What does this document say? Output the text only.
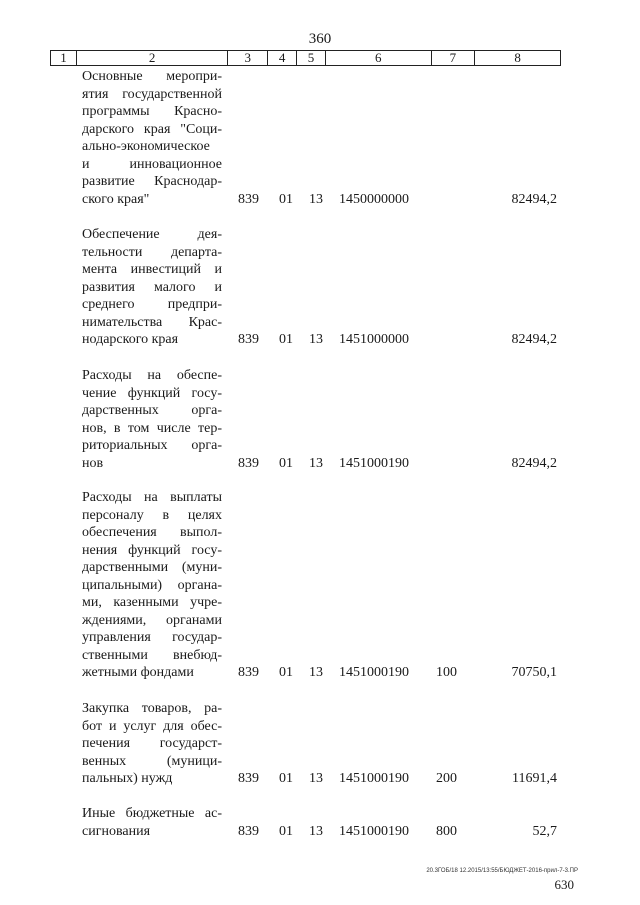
360
1	2	3	4	5	6	7	8
Основные меропри-
ятия государственной
программы Красно-
дарского края "Соци-
ально-экономическое
и инновационное
развитие Краснодар-
ского края"	839 01 13 1450000000	82494,2
Обеспечение дея-
тельности департа-
мента инвестиций и
развития малого и
среднего предпри-
нимательства Крас-
нодарского края	839 01 13 1451000000	82494,2
Расходы на обеспе-
чение функций госу-
дарственных орга-
нов, в том числе тер-
риториальных орга-
нов	839 01 13 1451000190	82494,2
Расходы на выплаты
персоналу в целях
обеспечения выпол-
нения функций госу-
дарственными (муни-
ципальными) органа-
ми, казенными учре-
ждениями, органами
управления государ-
ственными внебюд-
жетными фондами	839 01 13 1451000190 100	70750,1
Закупка товаров, ра-
бот и услуг для обес-
печения государст-
венных (муници-
пальных) нужд	839 01 13 1451000190 200	11691,4
Иные бюджетные ас-
сигнования	839 01 13 1451000190 800	52,7
20.3ГОБ/18 12.2015/13:55/БЮДЖЕТ-2016-прил-7-3.ПР
630
